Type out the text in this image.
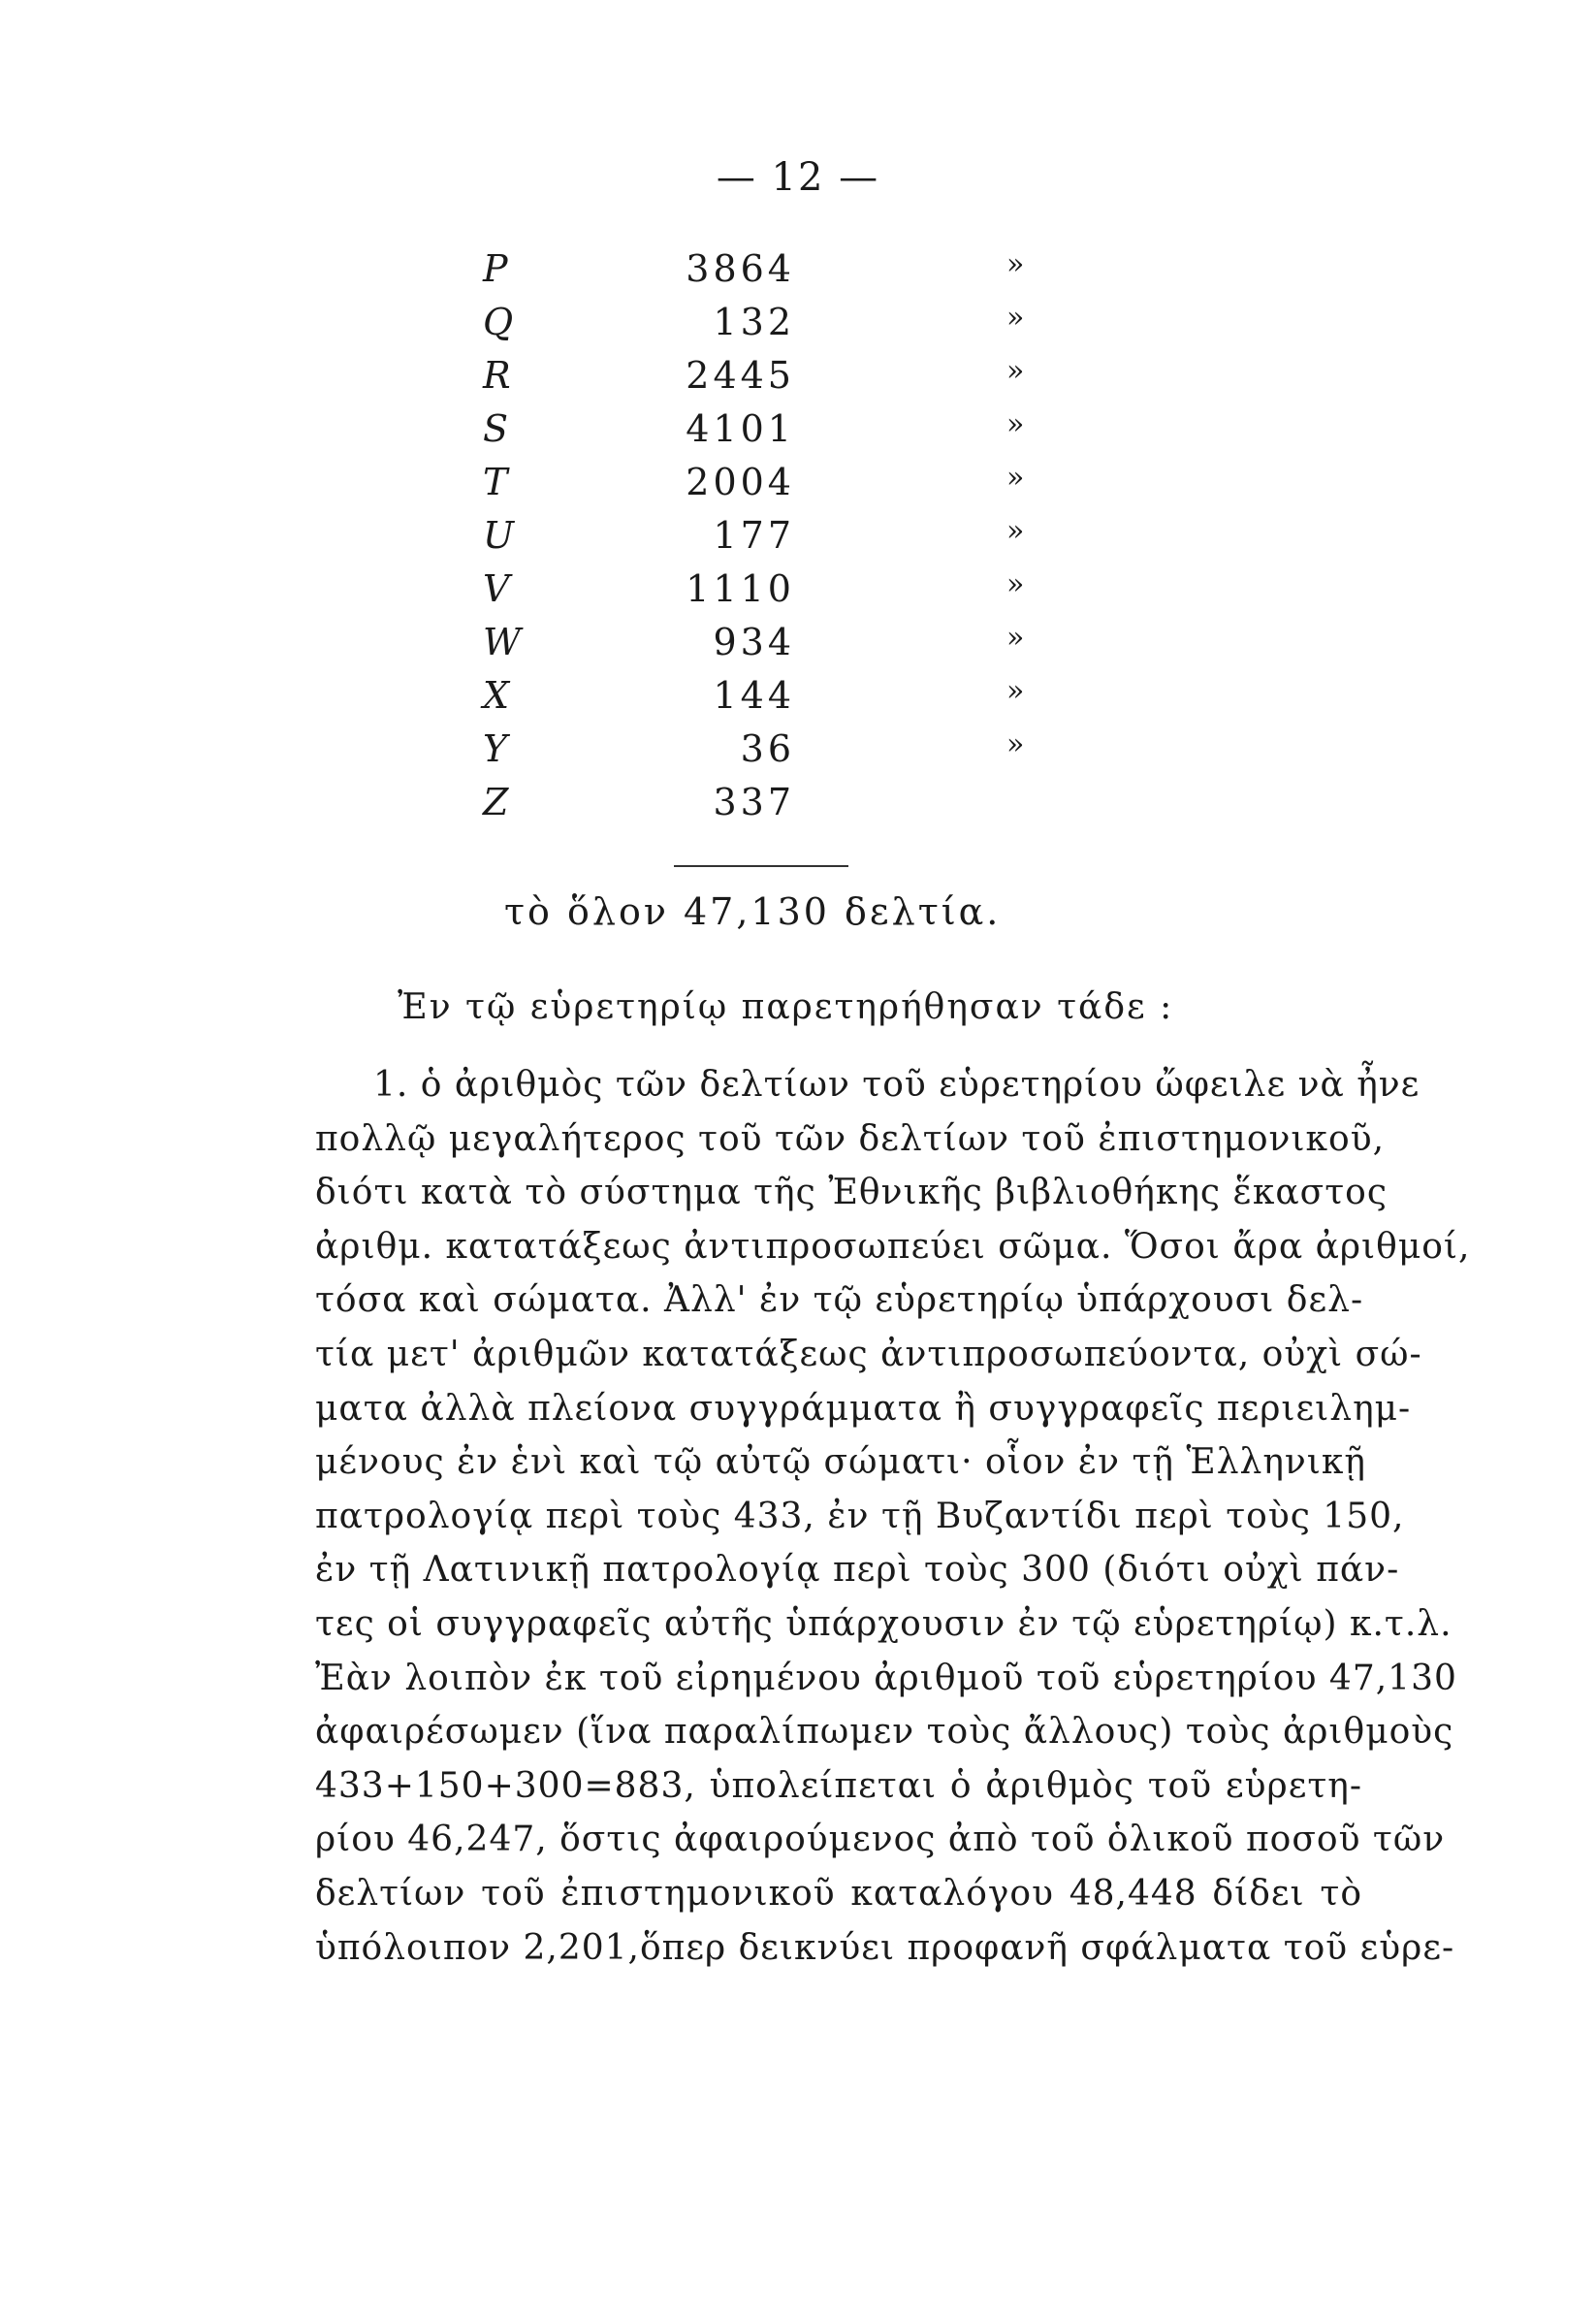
— 12 —
P	3864	»
Q	132	»
R	2445	»
S	4101	»
T	2004	»
U	177	»
V	1110	»
W	934	»
X	144	»
Y	36	»
Z	337
τὸ ὅλον 47,130 δελτία.
Ἐν τῷ εὑρετηρίῳ παρετηρήθησαν τάδε :
1. ὁ ἀριθμὸς τῶν δελτίων τοῦ εὑρετηρίου ὤφειλε νὰ ἦνε
πολλῷ μεγαλήτερος τοῦ τῶν δελτίων τοῦ ἐπιστημονικοῦ,
διότι κατὰ τὸ σύστημα τῆς Ἐθνικῆς βιβλιοθήκης ἕκαστος
ἀριθμ. κατατάξεως ἀντιπροσωπεύει σῶμα. Ὅσοι ἄρα ἀριθμοί,
τόσα καὶ σώματα. Ἀλλ' ἐν τῷ εὑρετηρίῳ ὑπάρχουσι δελ-
τία μετ' ἀριθμῶν κατατάξεως ἀντιπροσωπεύοντα, οὐχὶ σώ-
ματα ἀλλὰ πλείονα συγγράμματα ἢ συγγραφεῖς περιειλημ-
μένους ἐν ἑνὶ καὶ τῷ αὐτῷ σώματι· οἷον ἐν τῇ Ἑλληνικῇ
πατρολογίᾳ περὶ τοὺς 433, ἐν τῇ Βυζαντίδι περὶ τοὺς 150,
ἐν τῇ Λατινικῇ πατρολογίᾳ περὶ τοὺς 300 (διότι οὐχὶ πάν-
τες οἱ συγγραφεῖς αὐτῆς ὑπάρχουσιν ἐν τῷ εὑρετηρίῳ) κ.τ.λ.
Ἐὰν λοιπὸν ἐκ τοῦ εἰρημένου ἀριθμοῦ τοῦ εὑρετηρίου 47,130
ἀφαιρέσωμεν (ἵνα παραλίπωμεν τοὺς ἄλλους) τοὺς ἀριθμοὺς
433+150+300=883, ὑπολείπεται ὁ ἀριθμὸς τοῦ εὑρετη-
ρίου 46,247, ὅστις ἀφαιρούμενος ἀπὸ τοῦ ὁλικοῦ ποσοῦ τῶν
δελτίων τοῦ ἐπιστημονικοῦ καταλόγου 48,448 δίδει τὸ
ὑπόλοιπον 2,201,ὅπερ δεικνύει προφανῆ σφάλματα τοῦ εὑρε-
